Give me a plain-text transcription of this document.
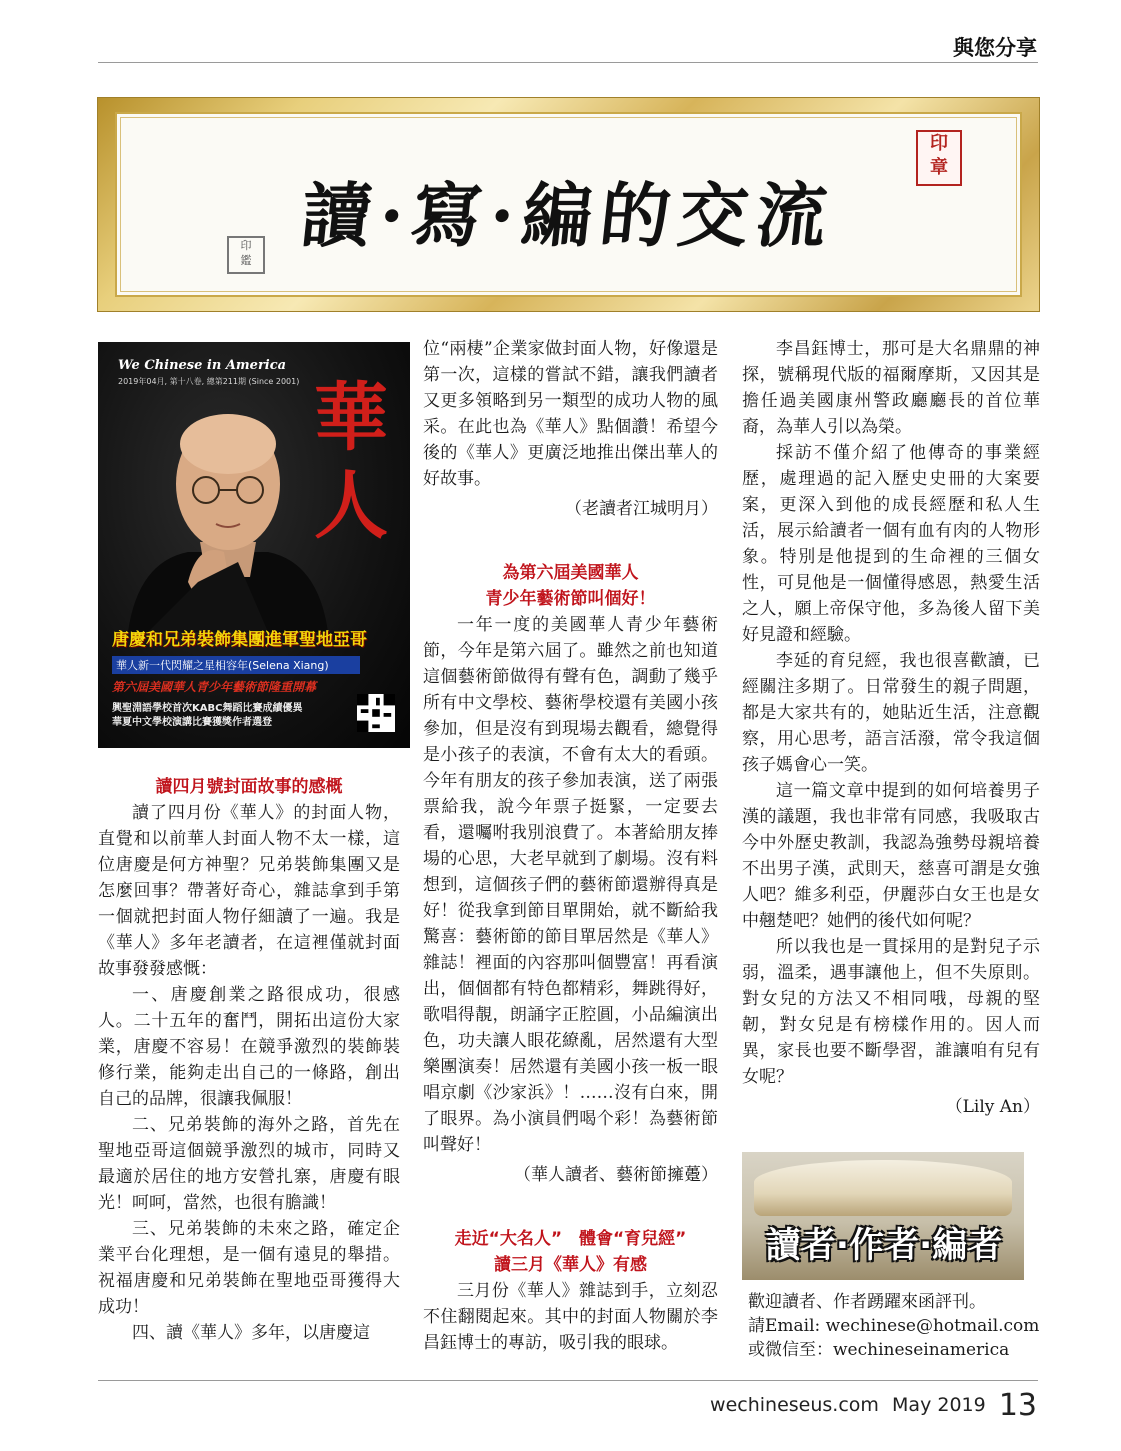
與您分享
印
章
印
鑑
讀·寫·編的交流
We Chinese in America
2019年04月, 第十八卷, 總第211期 (Since 2001) 華
人
唐慶和兄弟裝飾集團進軍聖地亞哥
華人新一代閃耀之星相容年(Selena Xiang)
第六屆美國華人青少年藝術節隆重開幕
興聖淵語學校首次KABC舞蹈比賽成績優異
華夏中文學校演講比賽獲獎作者選登
讀四月號封面故事的感概

讀了四月份《華人》的封面人物，直覺和以前華人封面人物不太一樣，這位唐慶是何方神聖？兄弟裝飾集團又是怎麼回事？帶著好奇心，雜誌拿到手第一個就把封面人物仔細讀了一遍。我是《華人》多年老讀者，在這裡僅就封面故事發發感慨：

一、唐慶創業之路很成功，很感人。二十五年的奮鬥，開拓出這份大家業，唐慶不容易！在競爭激烈的裝飾裝修行業，能夠走出自己的一條路，創出自己的品牌，很讓我佩服！

二、兄弟裝飾的海外之路，首先在聖地亞哥這個競爭激烈的城市，同時又最適於居住的地方安營扎寨，唐慶有眼光！呵呵，當然，也很有膽識！

三、兄弟裝飾的未來之路，確定企業平台化理想，是一個有遠見的舉措。祝福唐慶和兄弟裝飾在聖地亞哥獲得大成功！

四、讀《華人》多年，以唐慶這

位“兩棲”企業家做封面人物，好像還是第一次，這樣的嘗試不錯，讓我們讀者又更多領略到另一類型的成功人物的風采。在此也為《華人》點個讚！希望今後的《華人》更廣泛地推出傑出華人的好故事。

（老讀者江城明月）

為第六屆美國華人
青少年藝術節叫個好！

一年一度的美國華人青少年藝術節，今年是第六屆了。雖然之前也知道這個藝術節做得有聲有色，調動了幾乎所有中文學校、藝術學校還有美國小孩參加，但是沒有到現場去觀看，總覺得是小孩子的表演，不會有太大的看頭。今年有朋友的孩子參加表演，送了兩張票給我，說今年票子挺緊，一定要去看，還囑咐我別浪費了。本著給朋友捧場的心思，大老早就到了劇場。沒有料想到，這個孩子們的藝術節還辦得真是好！從我拿到節目單開始，就不斷給我驚喜：藝術節的節目單居然是《華人》雜誌！裡面的內容那叫個豐富！再看演出，個個都有特色都精彩，舞跳得好，歌唱得靚，朗誦字正腔圓，小品編演出色，功夫讓人眼花繚亂，居然還有大型樂團演奏！居然還有美國小孩一板一眼唱京劇《沙家浜》！……沒有白來，開了眼界。為小演員們喝个彩！為藝術節叫聲好！

（華人讀者、藝術節擁躉）

走近“大名人”　體會“育兒經”
讀三月《華人》有感

三月份《華人》雜誌到手，立刻忍不住翻閱起來。其中的封面人物關於李昌鈺博士的專訪，吸引我的眼球。

李昌鈺博士，那可是大名鼎鼎的神探，號稱現代版的福爾摩斯，又因其是擔任過美國康州警政廳廳長的首位華裔，為華人引以為榮。

採訪不僅介紹了他傳奇的事業經歷，處理過的記入歷史史冊的大案要案，更深入到他的成長經歷和私人生活，展示給讀者一個有血有肉的人物形象。特別是他提到的生命裡的三個女性，可見他是一個懂得感恩，熱愛生活之人，願上帝保守他，多為後人留下美好見證和經驗。

李延的育兒經，我也很喜歡讀，已經關注多期了。日常發生的親子問題，都是大家共有的，她貼近生活，注意觀察，用心思考，語言活潑，常令我這個孩子媽會心一笑。

這一篇文章中提到的如何培養男子漢的議題，我也非常有同感，我吸取古今中外歷史教訓，我認為強勢母親培養不出男子漢，武則天，慈喜可謂是女強人吧？維多利亞，伊麗莎白女王也是女中翹楚吧？她們的後代如何呢？

所以我也是一貫採用的是對兒子示弱，溫柔，遇事讓他上，但不失原則。對女兒的方法又不相同哦，母親的堅韌，對女兒是有榜樣作用的。因人而異，家長也要不斷學習，誰讓咱有兒有女呢？

（Lily An）

讀者·作者·編者
歡迎讀者、作者踴躍來函評刊。
請Email: wechinese@hotmail.com
或微信至：wechineseinamerica
wechineseus.com May 2019 13
